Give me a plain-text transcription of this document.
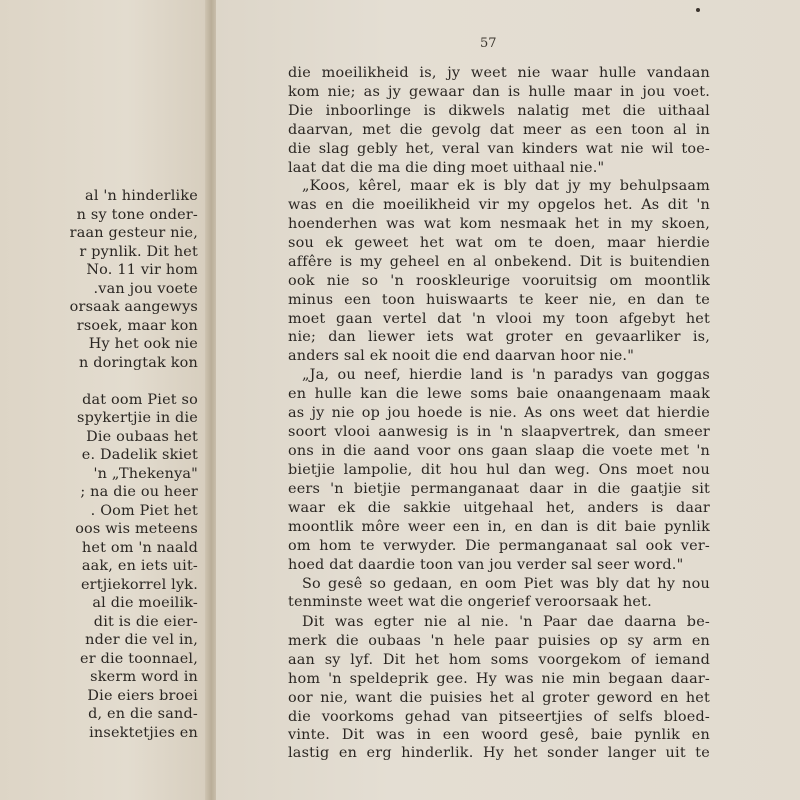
al 'n hinderlike
n sy tone onder-
raan gesteur nie,
r pynlik. Dit het
No. 11 vir hom
.van jou voete
orsaak aangewys
rsoek, maar kon
Hy het ook nie
n doringtak kon
dat oom Piet so
spykertjie in die
Die oubaas het
e. Dadelik skiet
'n „Thekenya"
; na die ou heer
. Oom Piet het
oos wis meteens
het om 'n naald
aak, en iets uit-
ertjiekorrel lyk.
al die moeilik-
dit is die eier-
nder die vel in,
er die toonnael,
skerm word in
Die eiers broei
d, en die sand-
insektetjies en
57
die moeilikheid is, jy weet nie waar hulle vandaan
kom nie; as jy gewaar dan is hulle maar in jou voet.
Die inboorlinge is dikwels nalatig met die uithaal
daarvan, met die gevolg dat meer as een toon al in
die slag gebly het, veral van kinders wat nie wil toe-
laat dat die ma die ding moet uithaal nie."
„Koos, kêrel, maar ek is bly dat jy my behulpsaam
was en die moeilikheid vir my opgelos het. As dit 'n
hoenderhen was wat kom nesmaak het in my skoen,
sou ek geweet het wat om te doen, maar hierdie
affêre is my geheel en al onbekend. Dit is buitendien
ook nie so 'n rooskleurige vooruitsig om moontlik
minus een toon huiswaarts te keer nie, en dan te
moet gaan vertel dat 'n vlooi my toon afgebyt het
nie; dan liewer iets wat groter en gevaarliker is,
anders sal ek nooit die end daarvan hoor nie."
„Ja, ou neef, hierdie land is 'n paradys van goggas
en hulle kan die lewe soms baie onaangenaam maak
as jy nie op jou hoede is nie. As ons weet dat hierdie
soort vlooi aanwesig is in 'n slaapvertrek, dan smeer
ons in die aand voor ons gaan slaap die voete met 'n
bietjie lampolie, dit hou hul dan weg. Ons moet nou
eers 'n bietjie permanganaat daar in die gaatjie sit
waar ek die sakkie uitgehaal het, anders is daar
moontlik môre weer een in, en dan is dit baie pynlik
om hom te verwyder. Die permanganaat sal ook ver-
hoed dat daardie toon van jou verder sal seer word."
So gesê so gedaan, en oom Piet was bly dat hy nou
tenminste weet wat die ongerief veroorsaak het.
Dit was egter nie al nie. 'n Paar dae daarna be-
merk die oubaas 'n hele paar puisies op sy arm en
aan sy lyf. Dit het hom soms voorgekom of iemand
hom 'n speldeprik gee. Hy was nie min begaan daar-
oor nie, want die puisies het al groter geword en het
die voorkoms gehad van pitseertjies of selfs bloed-
vinte. Dit was in een woord gesê, baie pynlik en
lastig en erg hinderlik. Hy het sonder langer uit te
